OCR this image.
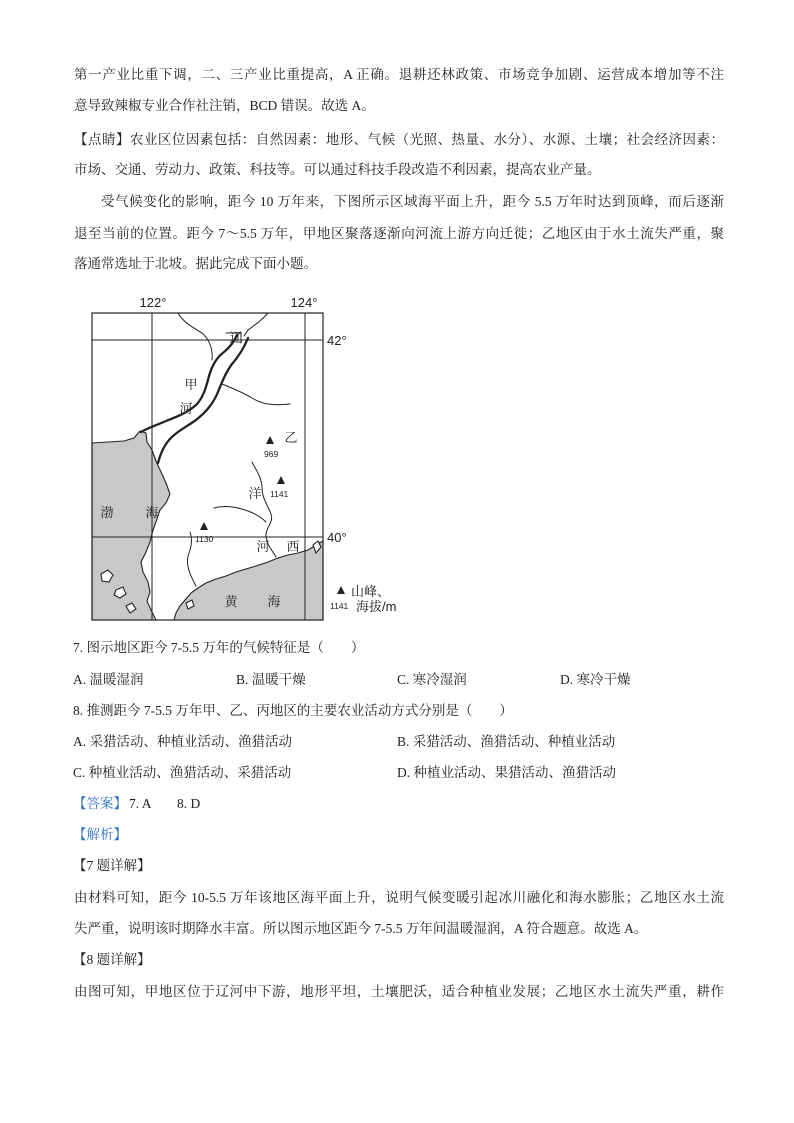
第一产业比重下调，二、三产业比重提高，A 正确。退耕还林政策、市场竞争加剧、运营成本增加等不注
意导致辣椒专业合作社注销，BCD 错误。故选 A。
【点睛】农业区位因素包括：自然因素：地形、气候（光照、热量、水分）、水源、土壤；社会经济因素：
市场、交通、劳动力、政策、科技等。可以通过科技手段改造不利因素，提高农业产量。
受气候变化的影响，距今 10 万年来，下图所示区域海平面上升，距今 5.5 万年时达到顶峰，而后逐渐
退至当前的位置。距今 7～5.5 万年，甲地区聚落逐渐向河流上游方向迁徙；乙地区由于水土流失严重，聚
落通常选址于北坡。据此完成下面小题。
122°	124°
42°
40°
辽
甲
河
乙
洋
河 西
渤 海
黄 海
969
1141
1130
山峰、
1141 海拔/m
7. 图示地区距今 7-5.5 万年的气候特征是（　　）
A. 温暖湿润	B. 温暖干燥	C. 寒冷湿润	D. 寒冷干燥
8. 推测距今 7-5.5 万年甲、乙、丙地区的主要农业活动方式分别是（　　）
A. 采猎活动、种植业活动、渔猎活动	B. 采猎活动、渔猎活动、种植业活动
C. 种植业活动、渔猎活动、采猎活动	D. 种植业活动、果猎活动、渔猎活动
【答案】 7. A 8. D
【解析】
【7 题详解】
由材料可知，距今 10-5.5 万年该地区海平面上升，说明气候变暖引起冰川融化和海水膨胀；乙地区水土流
失严重，说明该时期降水丰富。所以图示地区距今 7-5.5 万年间温暖湿润，A 符合题意。故选 A。
【8 题详解】
由图可知，甲地区位于辽河中下游，地形平坦，土壤肥沃，适合种植业发展；乙地区水土流失严重，耕作
